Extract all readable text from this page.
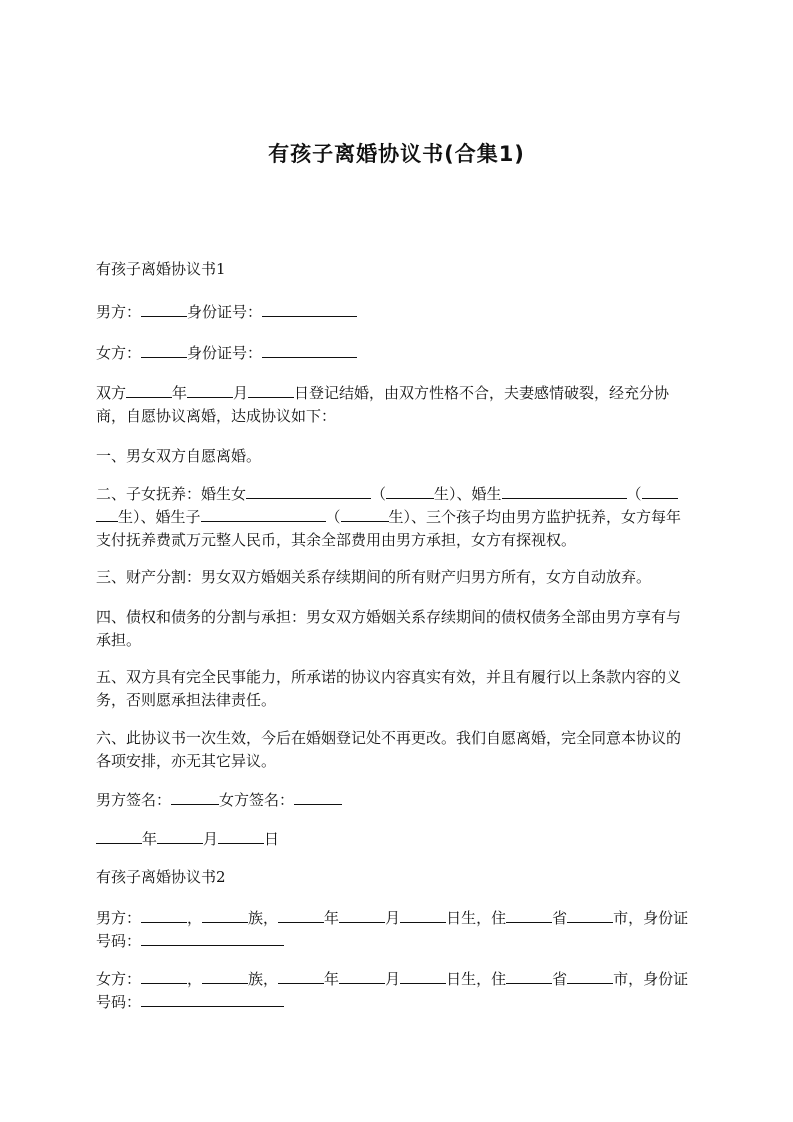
有孩子离婚协议书(合集1)

有孩子离婚协议书1

男方：	身份证号：

女方：	身份证号：

双方	年	月	日登记结婚，由双方性格不合，夫妻感情破裂，经充分协商，自愿协议离婚，达成协议如下：

一、男女双方自愿离婚。

二、子女抚养：婚生女	（	生）、婚生	（生）、婚生子	（	生）、三个孩子均由男方监护抚养，女方每年支付抚养费贰万元整人民币，其余全部费用由男方承担，女方有探视权。

三、财产分割：男女双方婚姻关系存续期间的所有财产归男方所有，女方自动放弃。

四、债权和债务的分割与承担：男女双方婚姻关系存续期间的债权债务全部由男方享有与承担。

五、双方具有完全民事能力，所承诺的协议内容真实有效，并且有履行以上条款内容的义务，否则愿承担法律责任。

六、此协议书一次生效，今后在婚姻登记处不再更改。我们自愿离婚，完全同意本协议的各项安排，亦无其它异议。

男方签名：	女方签名：

年	月	日

有孩子离婚协议书2

男方：	，	族，	年	月	日生，住	省	市，身份证号码：

女方：	，	族，	年	月	日生，住	省	市，身份证号码：
